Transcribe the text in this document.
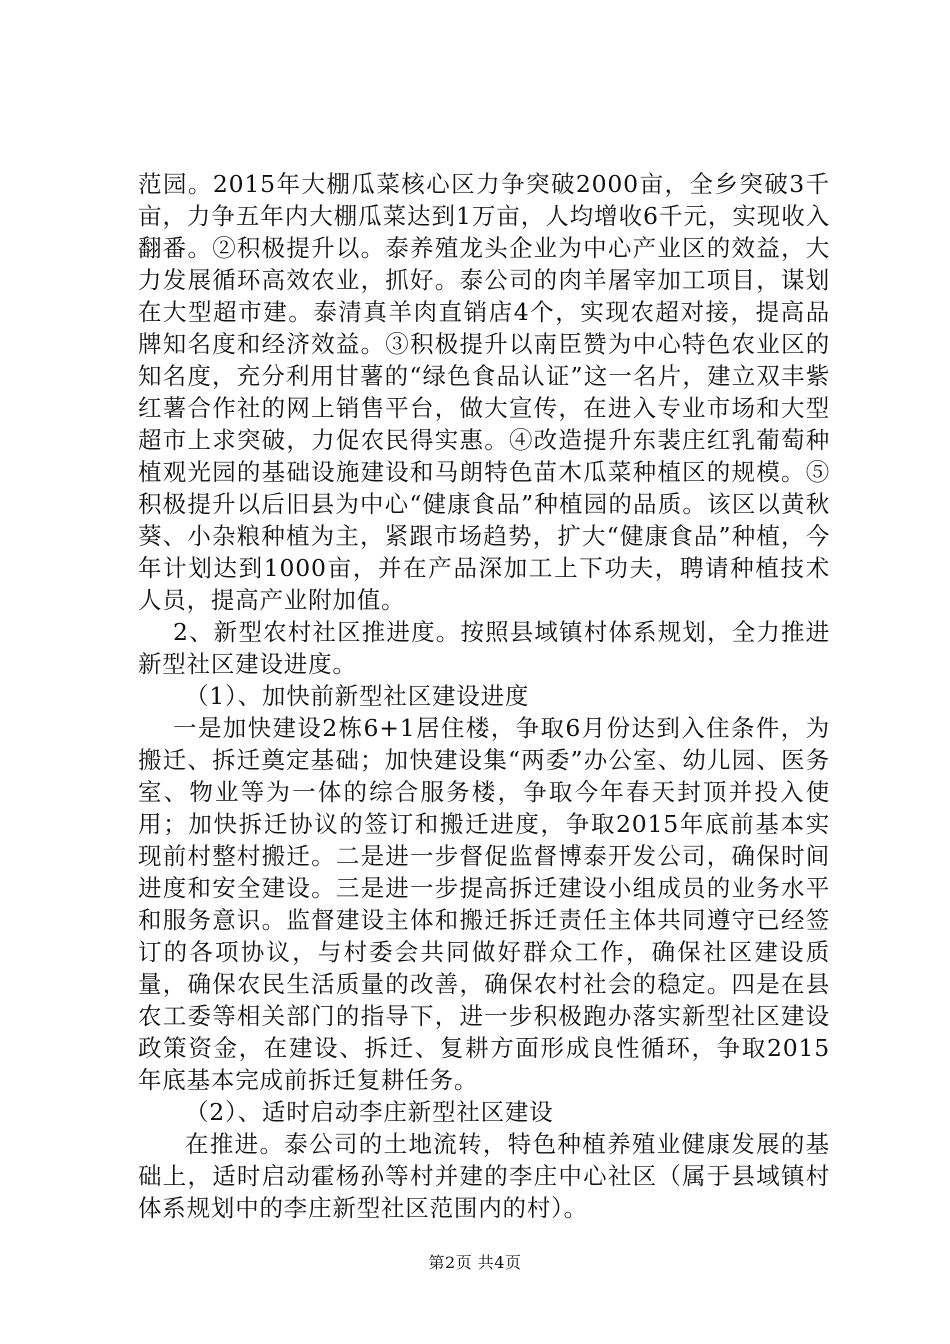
范园。2015年大棚瓜菜核心区力争突破2000亩，全乡突破3千亩，力争五年内大棚瓜菜达到1万亩，人均增收6千元，实现收入翻番。②积极提升以。泰养殖龙头企业为中心产业区的效益，大力发展循环高效农业，抓好。泰公司的肉羊屠宰加工项目，谋划在大型超市建。泰清真羊肉直销店4个，实现农超对接，提高品牌知名度和经济效益。③积极提升以南臣赞为中心特色农业区的知名度，充分利用甘薯的“绿色食品认证”这一名片，建立双丰紫红薯合作社的网上销售平台，做大宣传，在进入专业市场和大型超市上求突破，力促农民得实惠。④改造提升东裴庄红乳葡萄种植观光园的基础设施建设和马朗特色苗木瓜菜种植区的规模。⑤积极提升以后旧县为中心“健康食品”种植园的品质。该区以黄秋葵、小杂粮种植为主，紧跟市场趋势，扩大“健康食品”种植，今年计划达到1000亩，并在产品深加工上下功夫，聘请种植技术人员，提高产业附加值。

2、新型农村社区推进度。按照县域镇村体系规划，全力推进新型社区建设进度。

（1）、加快前新型社区建设进度

一是加快建设2栋6+1居住楼，争取6月份达到入住条件，为搬迁、拆迁奠定基础；加快建设集“两委”办公室、幼儿园、医务室、物业等为一体的综合服务楼，争取今年春天封顶并投入使用；加快拆迁协议的签订和搬迁进度，争取2015年底前基本实现前村整村搬迁。二是进一步督促监督博泰开发公司，确保时间进度和安全建设。三是进一步提高拆迁建设小组成员的业务水平和服务意识。监督建设主体和搬迁拆迁责任主体共同遵守已经签订的各项协议，与村委会共同做好群众工作，确保社区建设质量，确保农民生活质量的改善，确保农村社会的稳定。四是在县农工委等相关部门的指导下，进一步积极跑办落实新型社区建设政策资金，在建设、拆迁、复耕方面形成良性循环，争取2015年底基本完成前拆迁复耕任务。

（2）、适时启动李庄新型社区建设

在推进。泰公司的土地流转，特色种植养殖业健康发展的基础上，适时启动霍杨孙等村并建的李庄中心社区（属于县域镇村体系规划中的李庄新型社区范围内的村）。

第2页 共4页
